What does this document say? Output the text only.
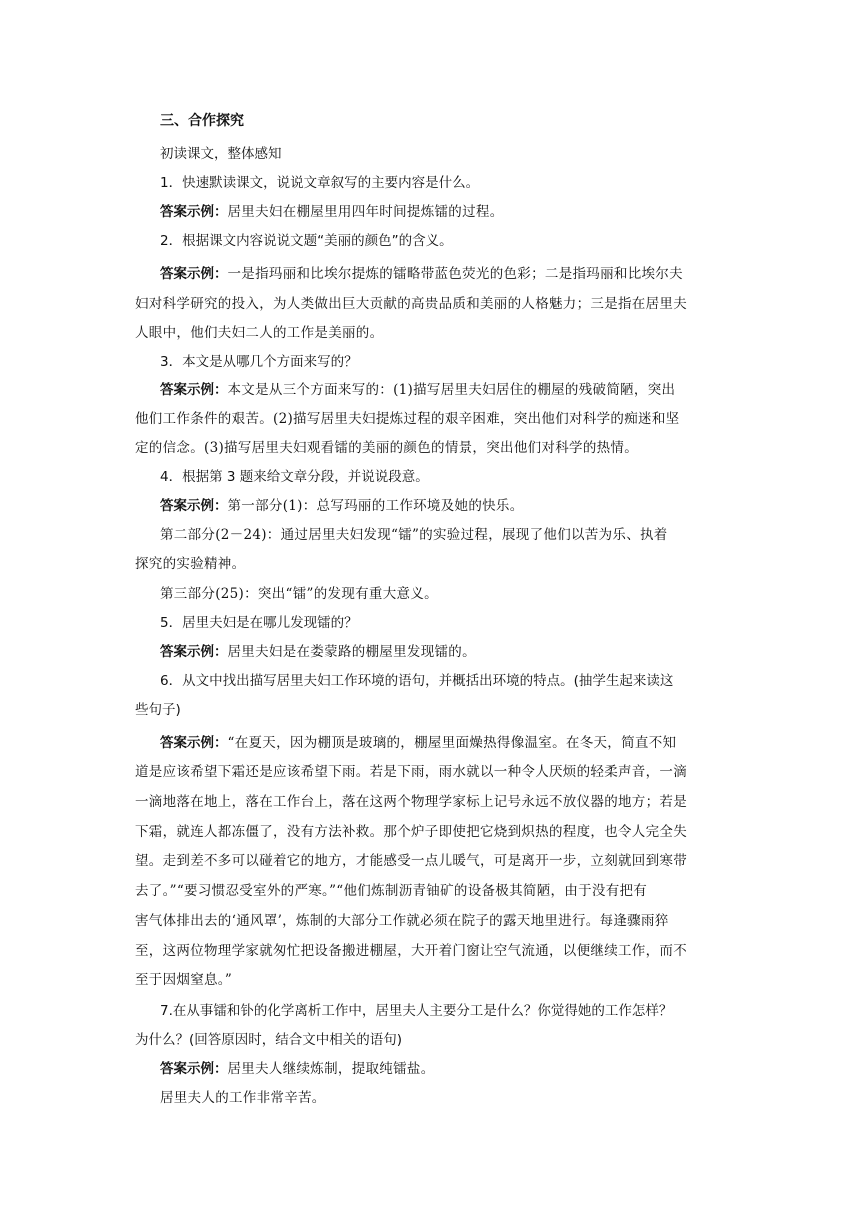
三、合作探究
初读课文，整体感知
1．快速默读课文，说说文章叙写的主要内容是什么。
答案示例：居里夫妇在棚屋里用四年时间提炼镭的过程。
2．根据课文内容说说文题“美丽的颜色”的含义。
答案示例：一是指玛丽和比埃尔提炼的镭略带蓝色荧光的色彩；二是指玛丽和比埃尔夫
妇对科学研究的投入，为人类做出巨大贡献的高贵品质和美丽的人格魅力；三是指在居里夫
人眼中，他们夫妇二人的工作是美丽的。
3．本文是从哪几个方面来写的？
答案示例：本文是从三个方面来写的：(1)描写居里夫妇居住的棚屋的残破简陋，突出
他们工作条件的艰苦。(2)描写居里夫妇提炼过程的艰辛困难，突出他们对科学的痴迷和坚
定的信念。(3)描写居里夫妇观看镭的美丽的颜色的情景，突出他们对科学的热情。
4．根据第 3 题来给文章分段，并说说段意。
答案示例：第一部分(1)：总写玛丽的工作环境及她的快乐。
第二部分(2－24)：通过居里夫妇发现“镭”的实验过程，展现了他们以苦为乐、执着
探究的实验精神。
第三部分(25)：突出“镭”的发现有重大意义。
5．居里夫妇是在哪儿发现镭的？
答案示例：居里夫妇是在娄蒙路的棚屋里发现镭的。
6．从文中找出描写居里夫妇工作环境的语句，并概括出环境的特点。(抽学生起来读这
些句子)
答案示例：“在夏天，因为棚顶是玻璃的，棚屋里面燥热得像温室。在冬天，简直不知
道是应该希望下霜还是应该希望下雨。若是下雨，雨水就以一种令人厌烦的轻柔声音，一滴
一滴地落在地上，落在工作台上，落在这两个物理学家标上记号永远不放仪器的地方；若是
下霜，就连人都冻僵了，没有方法补救。那个炉子即使把它烧到炽热的程度，也令人完全失
望。走到差不多可以碰着它的地方，才能感受一点儿暖气，可是离开一步，立刻就回到寒带
去了。”“要习惯忍受室外的严寒。”“他们炼制沥青铀矿的设备极其简陋，由于没有把有
害气体排出去的‘通风罩’，炼制的大部分工作就必须在院子的露天地里进行。每逢骤雨猝
至，这两位物理学家就匆忙把设备搬进棚屋，大开着门窗让空气流通，以便继续工作，而不
至于因烟窒息。”
7.在从事镭和钋的化学离析工作中，居里夫人主要分工是什么？你觉得她的工作怎样？
为什么？(回答原因时，结合文中相关的语句)
答案示例：居里夫人继续炼制，提取纯镭盐。
居里夫人的工作非常辛苦。
